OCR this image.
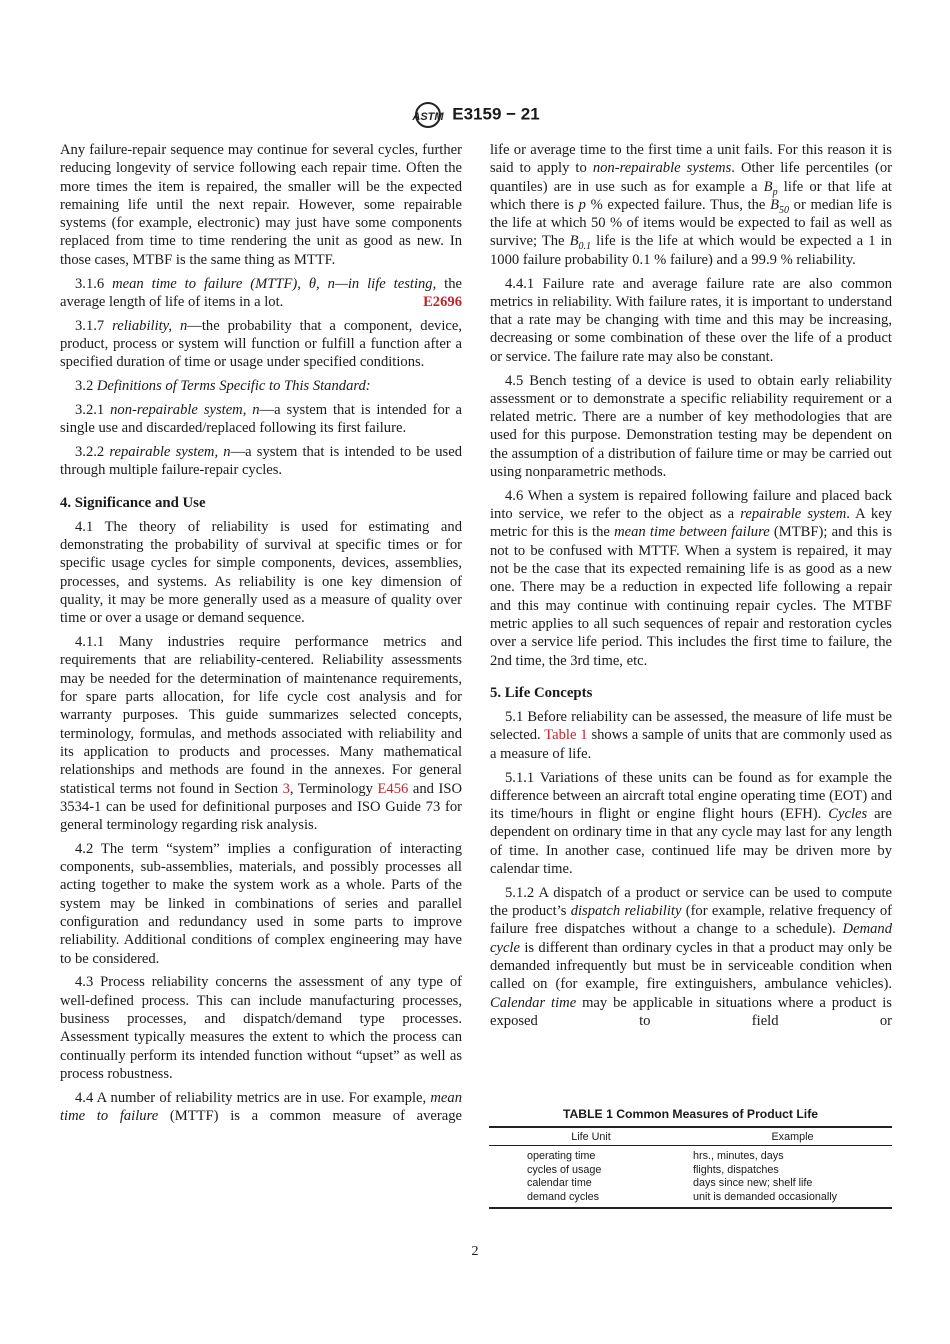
ASTM E3159 − 21

Any failure-repair sequence may continue for several cycles, further reducing longevity of service following each repair time. Often the more times the item is repaired, the smaller will be the expected remaining life until the next repair. However, some repairable systems (for example, electronic) may just have some components replaced from time to time rendering the unit as good as new. In those cases, MTBF is the same thing as MTTF.

3.1.6 mean time to failure (MTTF), θ, n—in life testing, the average length of life of items in a lot.	E2696

3.1.7 reliability, n—the probability that a component, device, product, process or system will function or fulfill a function after a specified duration of time or usage under specified conditions.

3.2 Definitions of Terms Specific to This Standard:

3.2.1 non-repairable system, n—a system that is intended for a single use and discarded/replaced following its first failure.

3.2.2 repairable system, n—a system that is intended to be used through multiple failure-repair cycles.

4. Significance and Use

4.1 The theory of reliability is used for estimating and demonstrating the probability of survival at specific times or for specific usage cycles for simple components, devices, assemblies, processes, and systems. As reliability is one key dimension of quality, it may be more generally used as a measure of quality over time or over a usage or demand sequence.

4.1.1 Many industries require performance metrics and requirements that are reliability-centered. Reliability assessments may be needed for the determination of maintenance requirements, for spare parts allocation, for life cycle cost analysis and for warranty purposes. This guide summarizes selected concepts, terminology, formulas, and methods associated with reliability and its application to products and processes. Many mathematical relationships and methods are found in the annexes. For general statistical terms not found in Section 3, Terminology E456 and ISO 3534-1 can be used for definitional purposes and ISO Guide 73 for general terminology regarding risk analysis.

4.2 The term “system” implies a configuration of interacting components, sub-assemblies, materials, and possibly processes all acting together to make the system work as a whole. Parts of the system may be linked in combinations of series and parallel configuration and redundancy used in some parts to improve reliability. Additional conditions of complex engineering may have to be considered.

4.3 Process reliability concerns the assessment of any type of well-defined process. This can include manufacturing processes, business processes, and dispatch/demand type processes. Assessment typically measures the extent to which the process can continually perform its intended function without “upset” as well as process robustness.

4.4 A number of reliability metrics are in use. For example, mean time to failure (MTTF) is a common measure of average

life or average time to the first time a unit fails. For this reason it is said to apply to non-repairable systems. Other life percentiles (or quantiles) are in use such as for example a $B_p$ life or that life at which there is p % expected failure. Thus, the $B_{50}$ or median life is the life at which 50 % of items would be expected to fail as well as survive; The $B_{0.1}$ life is the life at which would be expected a 1 in 1000 failure probability 0.1 % failure) and a 99.9 % reliability.

4.4.1 Failure rate and average failure rate are also common metrics in reliability. With failure rates, it is important to understand that a rate may be changing with time and this may be increasing, decreasing or some combination of these over the life of a product or service. The failure rate may also be constant.

4.5 Bench testing of a device is used to obtain early reliability assessment or to demonstrate a specific reliability requirement or a related metric. There are a number of key methodologies that are used for this purpose. Demonstration testing may be dependent on the assumption of a distribution of failure time or may be carried out using nonparametric methods.

4.6 When a system is repaired following failure and placed back into service, we refer to the object as a repairable system. A key metric for this is the mean time between failure (MTBF); and this is not to be confused with MTTF. When a system is repaired, it may not be the case that its expected remaining life is as good as a new one. There may be a reduction in expected life following a repair and this may continue with continuing repair cycles. The MTBF metric applies to all such sequences of repair and restoration cycles over a service life period. This includes the first time to failure, the 2nd time, the 3rd time, etc.

5. Life Concepts

5.1 Before reliability can be assessed, the measure of life must be selected. Table 1 shows a sample of units that are commonly used as a measure of life.

5.1.1 Variations of these units can be found as for example the difference between an aircraft total engine operating time (EOT) and its time/hours in flight or engine flight hours (EFH). Cycles are dependent on ordinary time in that any cycle may last for any length of time. In another case, continued life may be driven more by calendar time.

5.1.2 A dispatch of a product or service can be used to compute the product’s dispatch reliability (for example, relative frequency of failure free dispatches without a change to a schedule). Demand cycle is different than ordinary cycles in that a product may only be demanded infrequently but must be in serviceable condition when called on (for example, fire extinguishers, ambulance vehicles). Calendar time may be applicable in situations where a product is exposed to field or

TABLE 1 Common Measures of Product Life
Life Unit	Example
operating time	hrs., minutes, days
cycles of usage	flights, dispatches
calendar time	days since new; shelf life
demand cycles	unit is demanded occasionally
2
